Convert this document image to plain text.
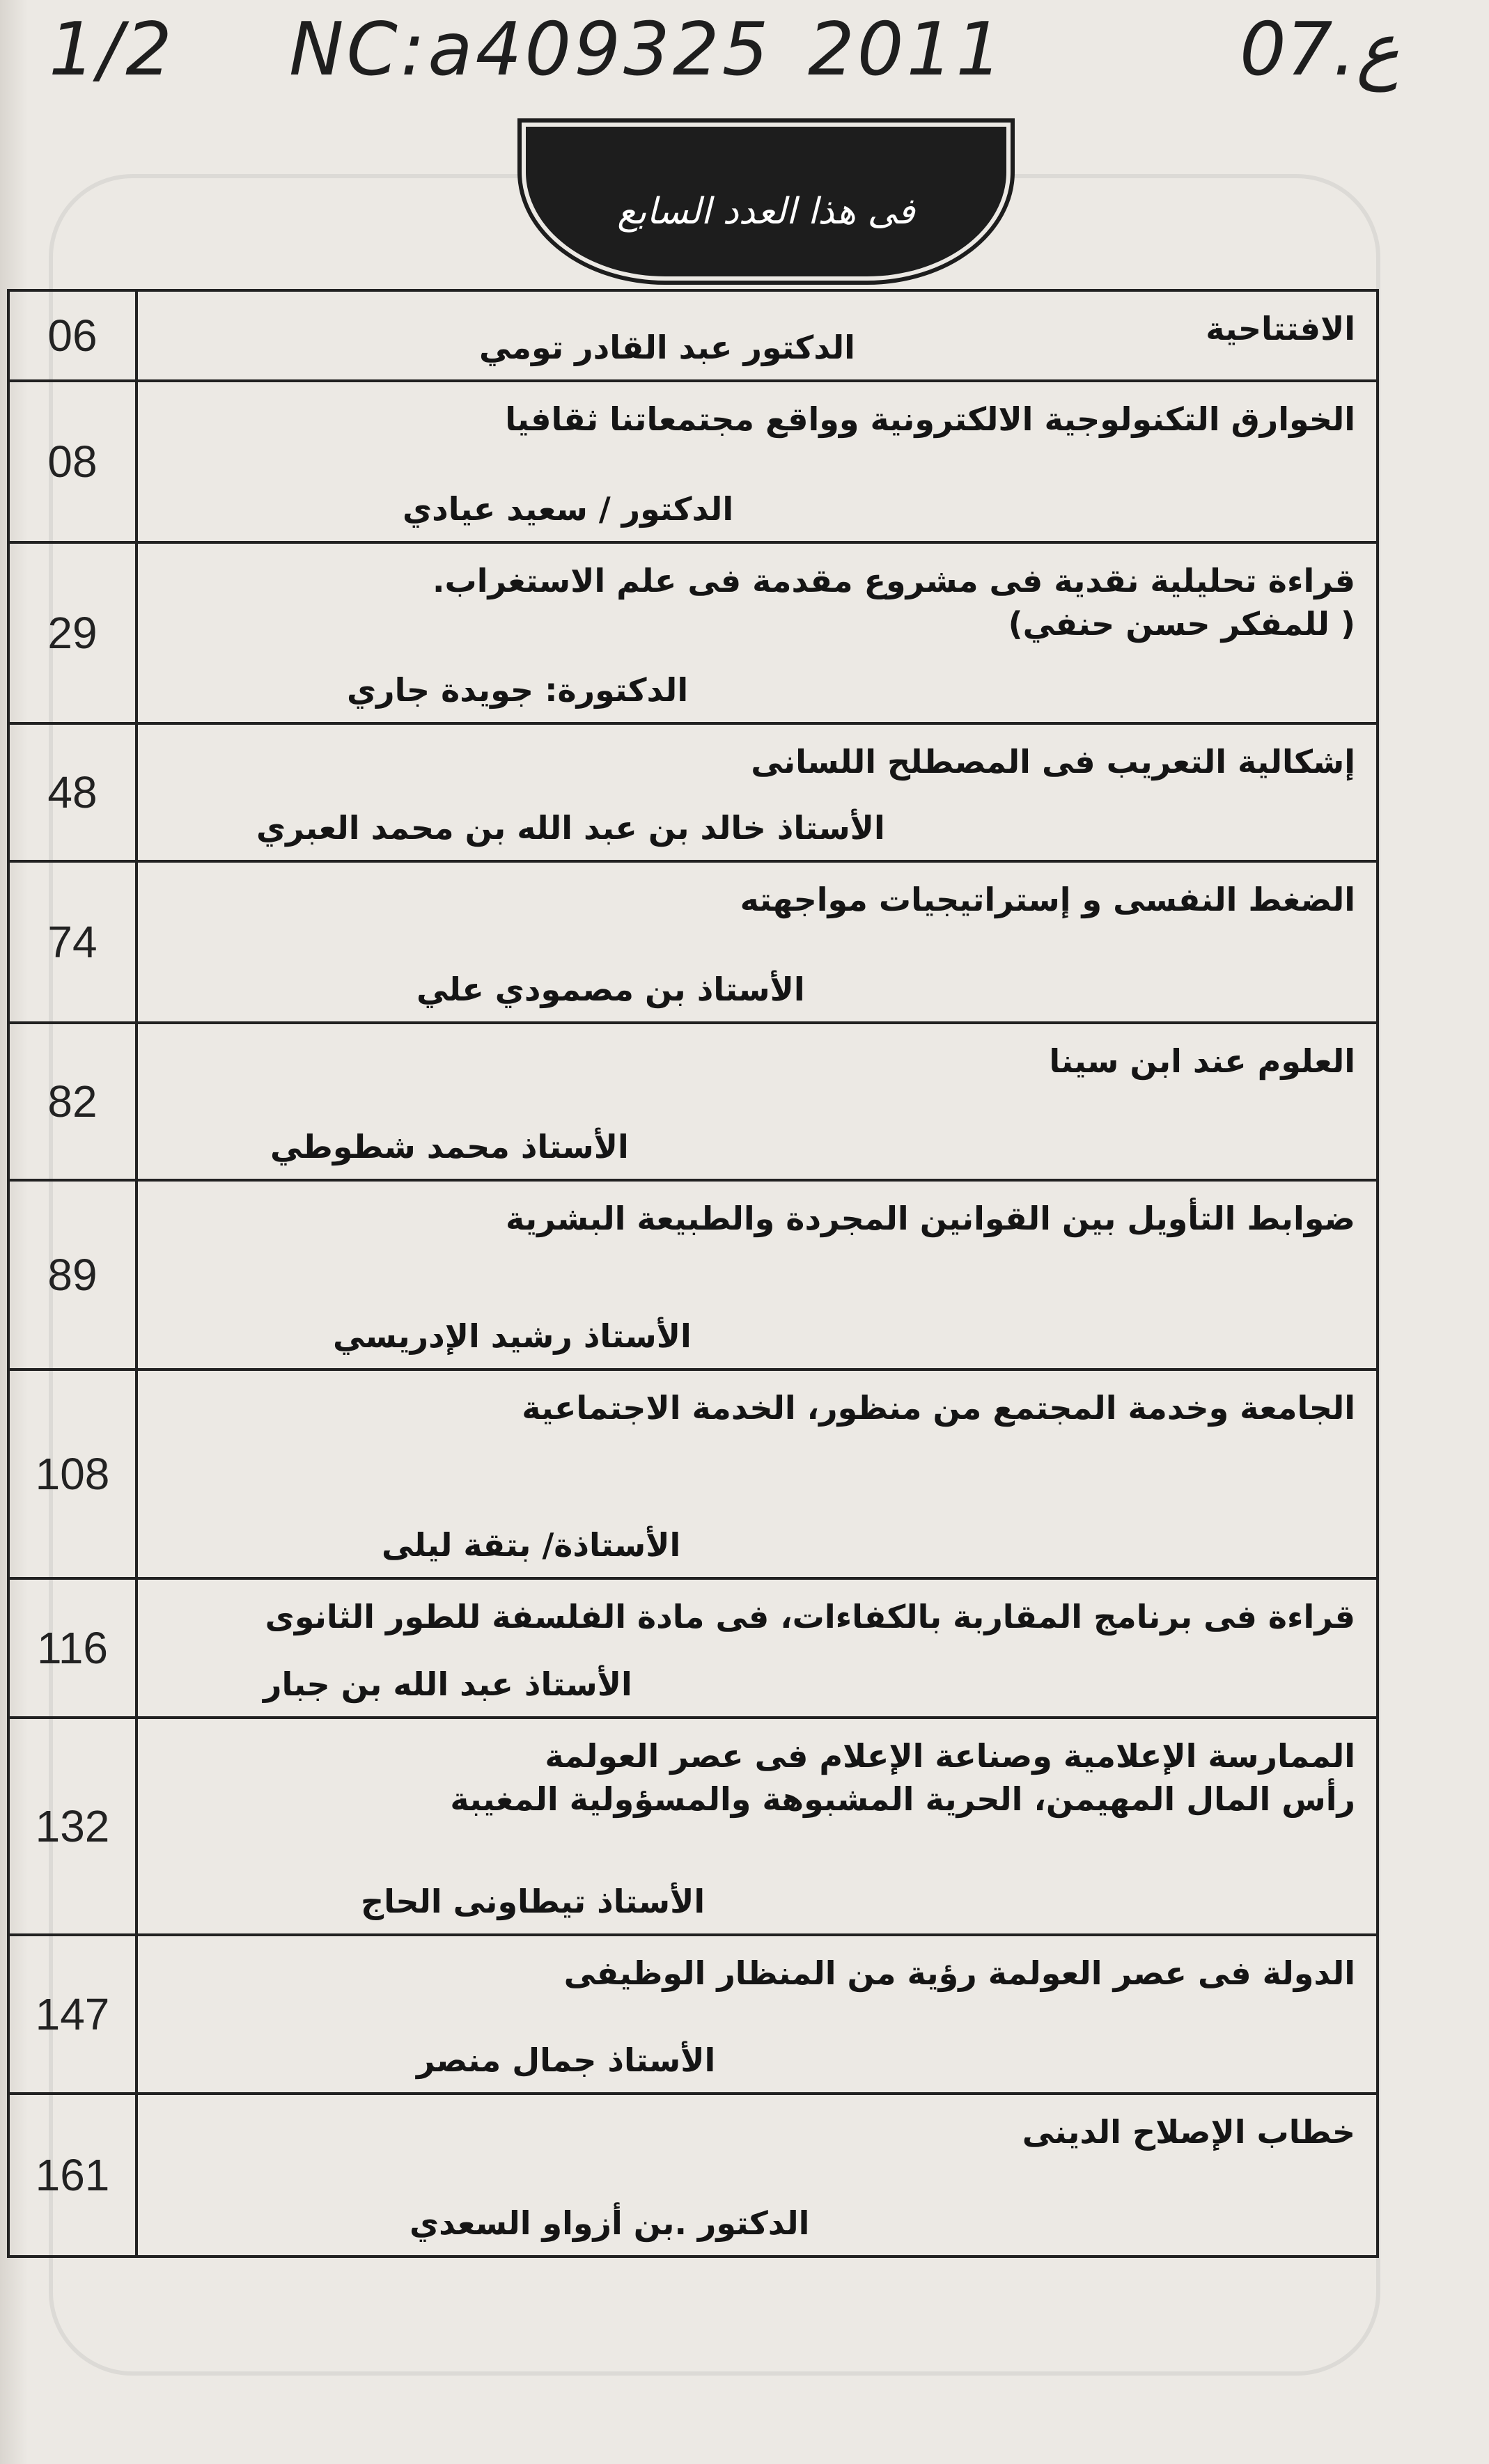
1/2 NC:a409325 2011	07.ع
فى هذا العدد السابع
06	الافتتاحية
الدكتور عبد القادر تومي
08
الخوارق التكنولوجية الالكترونية وواقع مجتمعاتنا ثقافيا
الدكتور / سعيد عيادي
29
قراءة تحليلية نقدية فى مشروع مقدمة فى علم الاستغراب.
( للمفكر حسن حنفي)
الدكتورة: جويدة جاري
48
إشكالية التعريب فى المصطلح اللسانى
الأستاذ خالد بن عبد الله بن محمد العبري
74
الضغط النفسى و إستراتيجيات مواجهته
الأستاذ بن مصمودي علي
82
العلوم عند ابن سينا
الأستاذ محمد شطوطي
89
ضوابط التأويل بين القوانين المجردة والطبيعة البشرية
الأستاذ رشيد الإدريسي
108
الجامعة وخدمة المجتمع من منظور، الخدمة الاجتماعية
الأستاذة/ بتقة ليلى
116
قراءة فى برنامج المقاربة بالكفاءات، فى مادة الفلسفة للطور الثانوى
الأستاذ عبد الله بن جبار
132
الممارسة الإعلامية وصناعة الإعلام فى عصر العولمة
رأس المال المهيمن، الحرية المشبوهة والمسؤولية المغيبة
الأستاذ تيطاونى الحاج
147
الدولة فى عصر العولمة رؤية من المنظار الوظيفى
الأستاذ جمال منصر
161
خطاب الإصلاح الدينى
الدكتور .بن أزواو السعدي
